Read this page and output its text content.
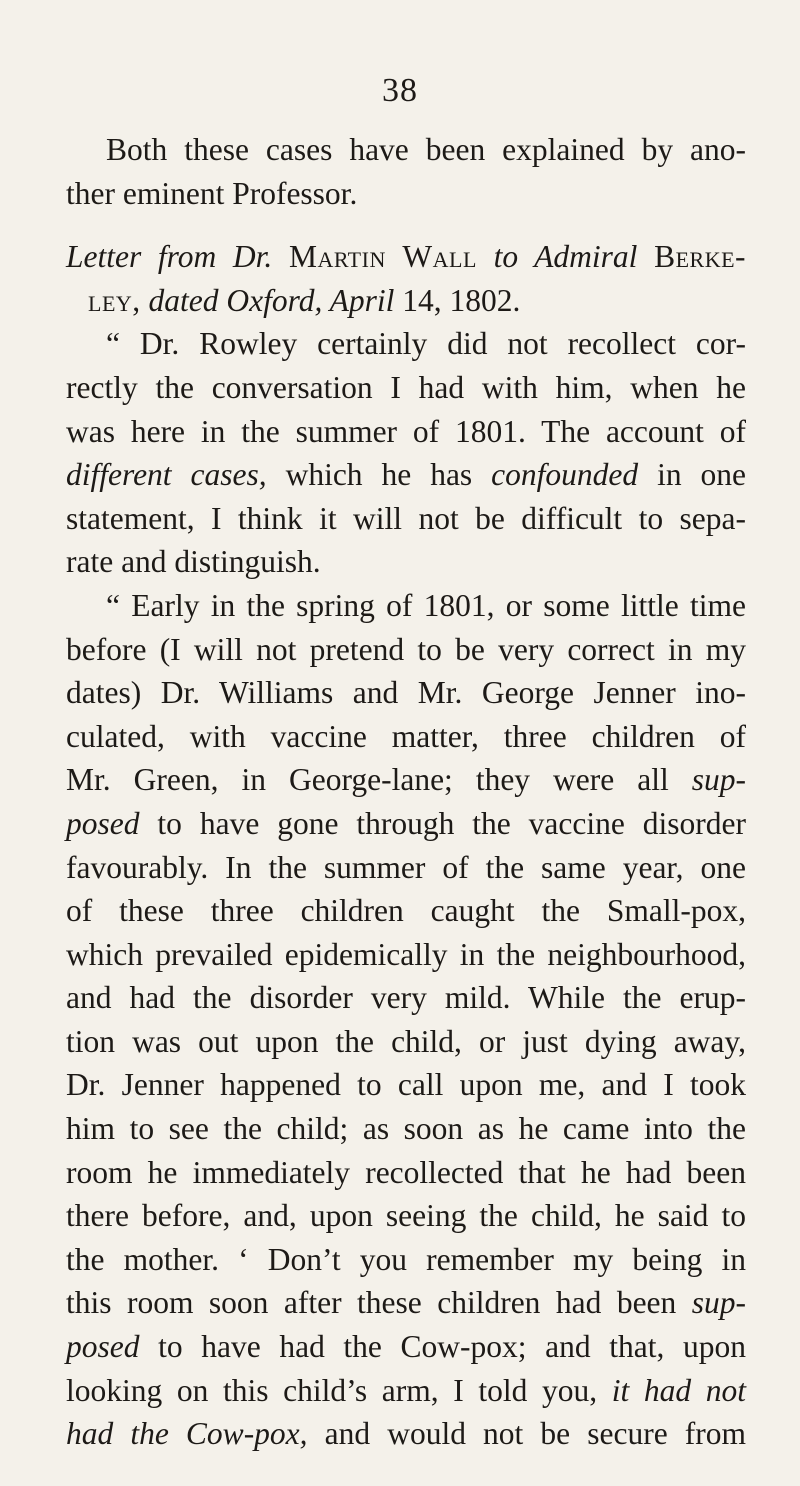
38
Both these cases have been explained by ano-
ther eminent Professor.
Letter from Dr. Martin Wall to Admiral Berke-
ley, dated Oxford, April 14, 1802.
“ Dr. Rowley certainly did not recollect cor-
rectly the conversation I had with him, when he
was here in the summer of 1801. The account of
different cases, which he has confounded in one
statement, I think it will not be difficult to sepa-
rate and distinguish.
“ Early in the spring of 1801, or some little time
before (I will not pretend to be very correct in my
dates) Dr. Williams and Mr. George Jenner ino-
culated, with vaccine matter, three children of
Mr. Green, in George-lane; they were all sup-
posed to have gone through the vaccine disorder
favourably. In the summer of the same year, one
of these three children caught the Small-pox,
which prevailed epidemically in the neighbourhood,
and had the disorder very mild. While the erup-
tion was out upon the child, or just dying away,
Dr. Jenner happened to call upon me, and I took
him to see the child; as soon as he came into the
room he immediately recollected that he had been
there before, and, upon seeing the child, he said to
the mother. ‘ Don’t you remember my being in
this room soon after these children had been sup-
posed to have had the Cow-pox; and that, upon
looking on this child’s arm, I told you, it had not
had the Cow-pox, and would not be secure from
